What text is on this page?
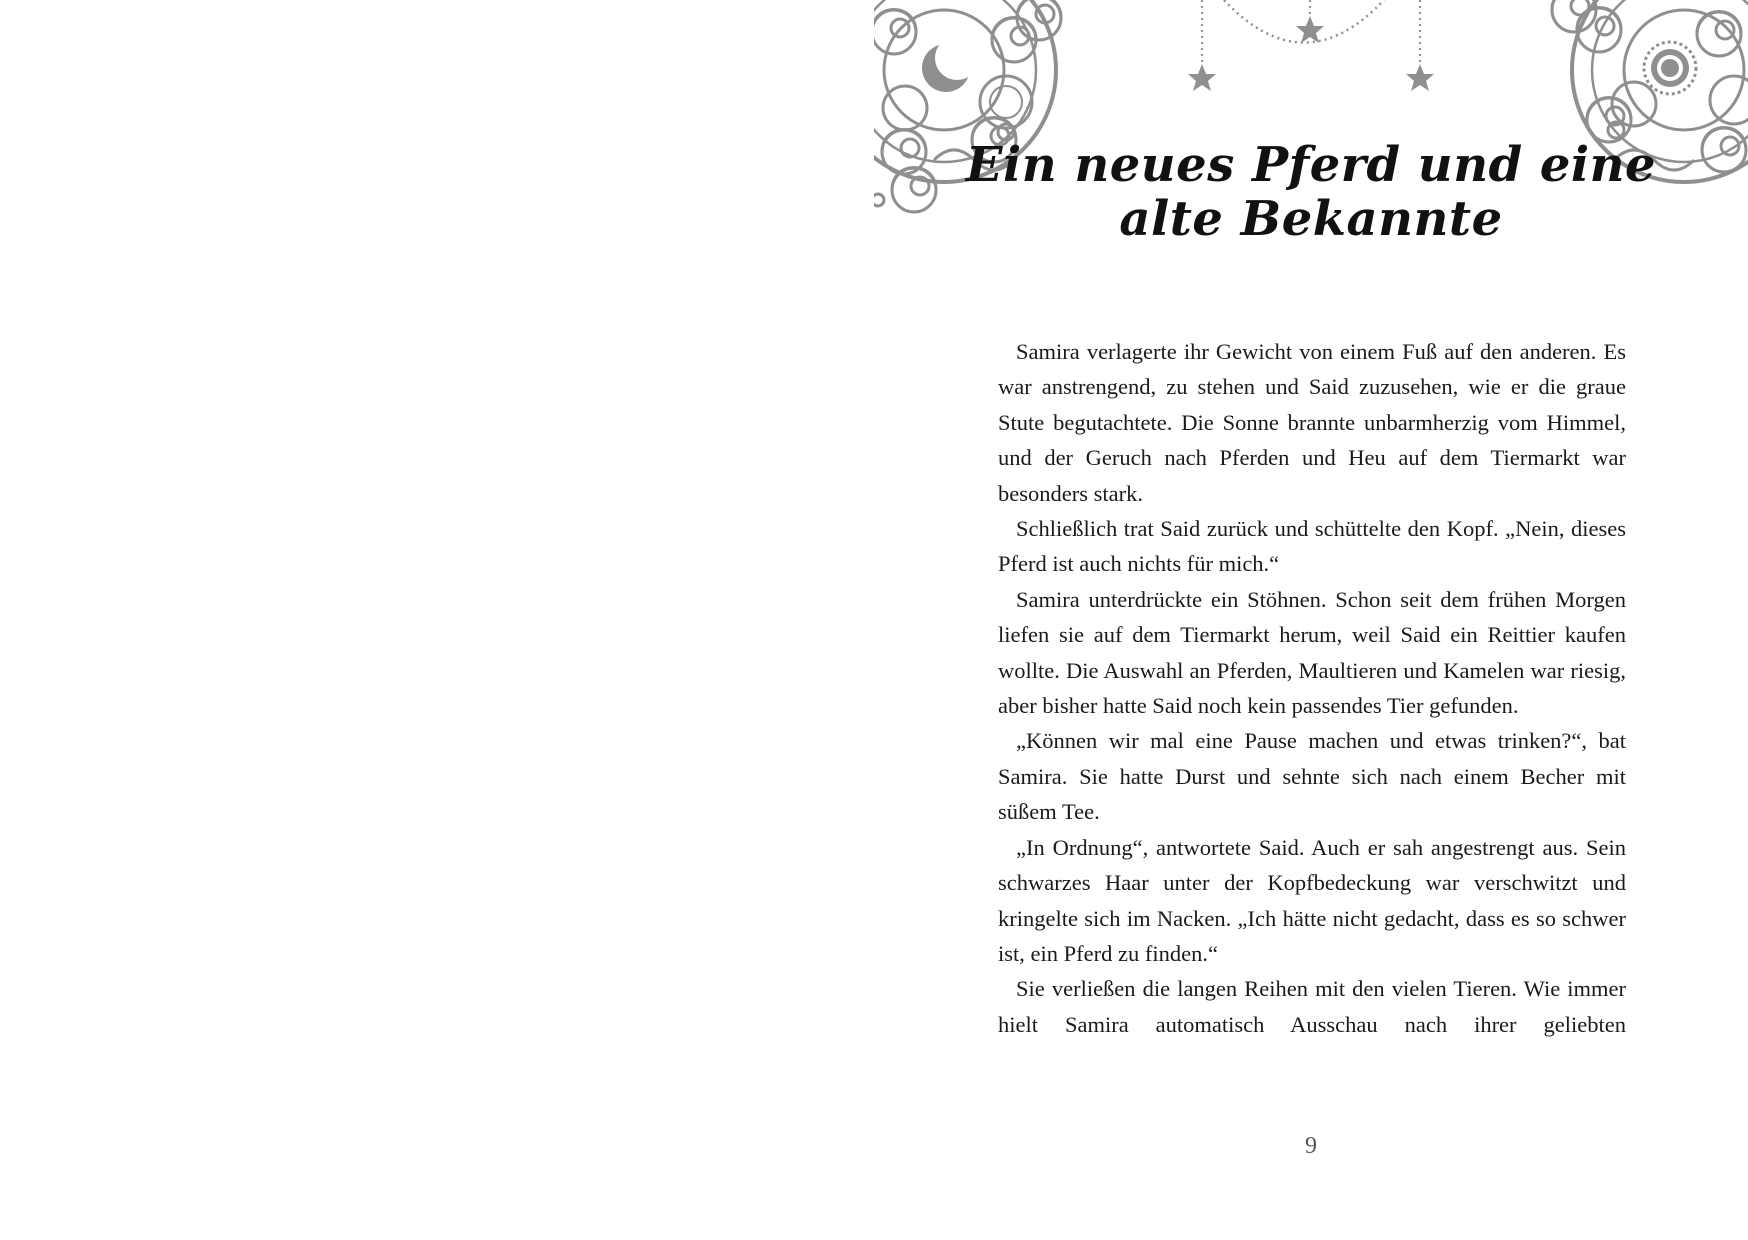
Ein neues Pferd und eine
alte Bekannte

Samira verlagerte ihr Gewicht von einem Fuß auf den anderen. Es war anstrengend, zu stehen und Said zuzusehen, wie er die graue Stute begutachtete. Die Sonne brannte unbarmherzig vom Himmel, und der Geruch nach Pferden und Heu auf dem Tiermarkt war besonders stark.

Schließlich trat Said zurück und schüttelte den Kopf. „Nein, dieses Pferd ist auch nichts für mich.“

Samira unterdrückte ein Stöhnen. Schon seit dem frühen Morgen liefen sie auf dem Tiermarkt herum, weil Said ein Reittier kaufen wollte. Die Auswahl an Pferden, Maultieren und Kamelen war riesig, aber bisher hatte Said noch kein passendes Tier gefunden.

„Können wir mal eine Pause machen und etwas trinken?“, bat Samira. Sie hatte Durst und sehnte sich nach einem Becher mit süßem Tee.

„In Ordnung“, antwortete Said. Auch er sah angestrengt aus. Sein schwarzes Haar unter der Kopfbedeckung war verschwitzt und kringelte sich im Nacken. „Ich hätte nicht gedacht, dass es so schwer ist, ein Pferd zu finden.“

Sie verließen die langen Reihen mit den vielen Tieren. Wie immer hielt Samira automatisch Ausschau nach ihrer geliebten

9
